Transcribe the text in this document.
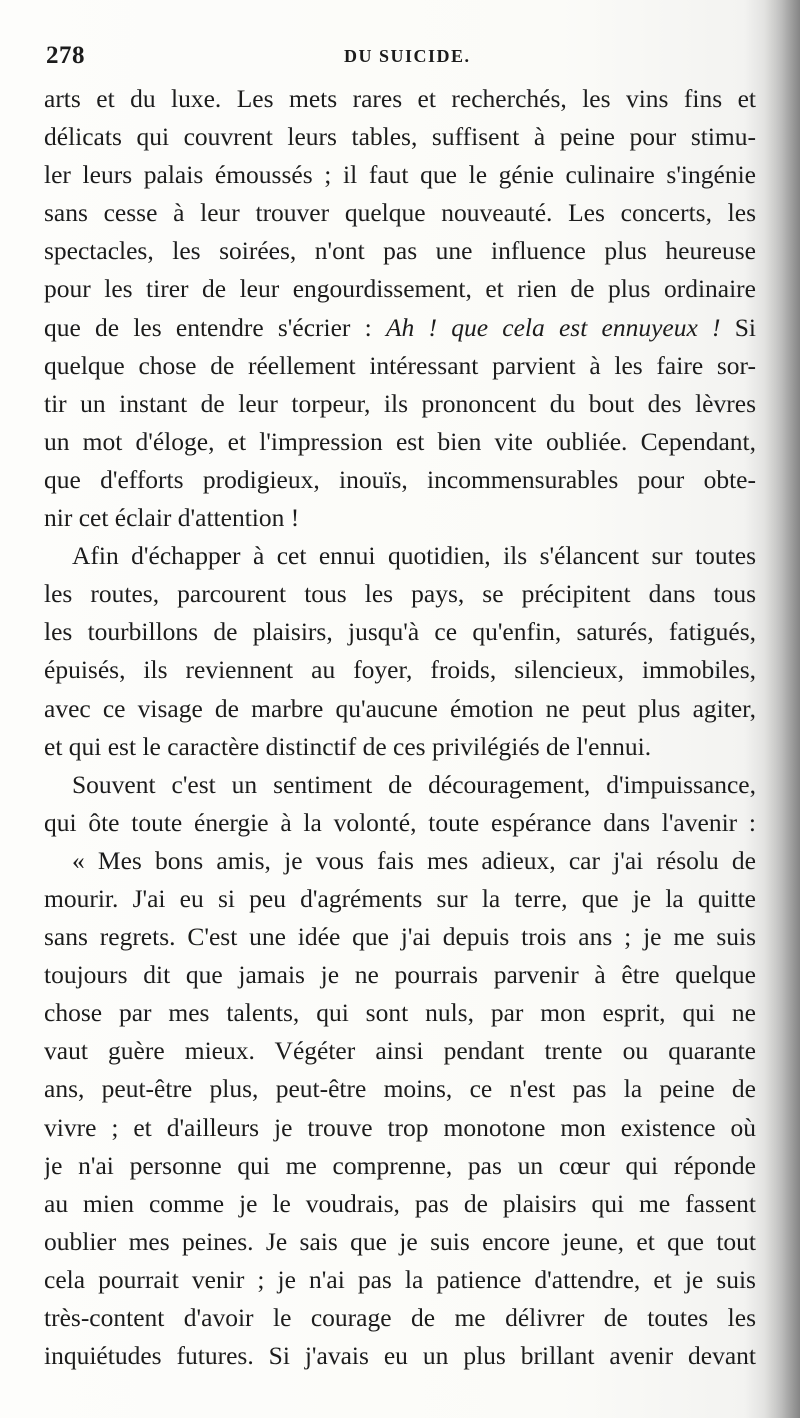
278	DU SUICIDE.
arts et du luxe. Les mets rares et recherchés, les vins fins et
délicats qui couvrent leurs tables, suffisent à peine pour stimu-
ler leurs palais émoussés ; il faut que le génie culinaire s'ingénie
sans cesse à leur trouver quelque nouveauté. Les concerts, les
spectacles, les soirées, n'ont pas une influence plus heureuse
pour les tirer de leur engourdissement, et rien de plus ordinaire
que de les entendre s'écrier : Ah ! que cela est ennuyeux ! Si
quelque chose de réellement intéressant parvient à les faire sor-
tir un instant de leur torpeur, ils prononcent du bout des lèvres
un mot d'éloge, et l'impression est bien vite oubliée. Cependant,
que d'efforts prodigieux, inouïs, incommensurables pour obte-
nir cet éclair d'attention !
Afin d'échapper à cet ennui quotidien, ils s'élancent sur toutes
les routes, parcourent tous les pays, se précipitent dans tous
les tourbillons de plaisirs, jusqu'à ce qu'enfin, saturés, fatigués,
épuisés, ils reviennent au foyer, froids, silencieux, immobiles,
avec ce visage de marbre qu'aucune émotion ne peut plus agiter,
et qui est le caractère distinctif de ces privilégiés de l'ennui.
Souvent c'est un sentiment de découragement, d'impuissance,
qui ôte toute énergie à la volonté, toute espérance dans l'avenir :
« Mes bons amis, je vous fais mes adieux, car j'ai résolu de
mourir. J'ai eu si peu d'agréments sur la terre, que je la quitte
sans regrets. C'est une idée que j'ai depuis trois ans ; je me suis
toujours dit que jamais je ne pourrais parvenir à être quelque
chose par mes talents, qui sont nuls, par mon esprit, qui ne
vaut guère mieux. Végéter ainsi pendant trente ou quarante
ans, peut-être plus, peut-être moins, ce n'est pas la peine de
vivre ; et d'ailleurs je trouve trop monotone mon existence où
je n'ai personne qui me comprenne, pas un cœur qui réponde
au mien comme je le voudrais, pas de plaisirs qui me fassent
oublier mes peines. Je sais que je suis encore jeune, et que tout
cela pourrait venir ; je n'ai pas la patience d'attendre, et je suis
très-content d'avoir le courage de me délivrer de toutes les
inquiétudes futures. Si j'avais eu un plus brillant avenir devant
